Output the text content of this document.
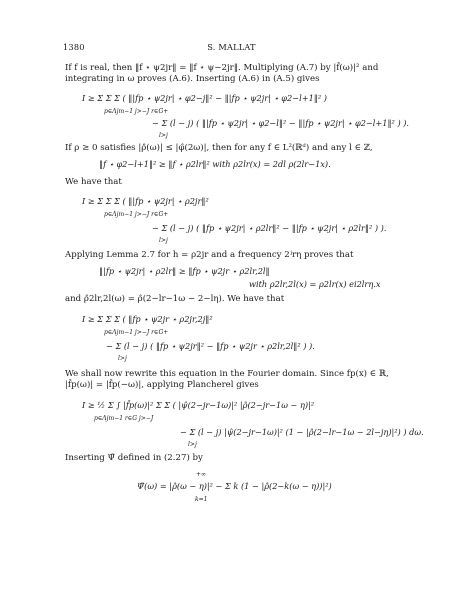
1380	S. MALLAT
If f is real, then ‖f ⋆ ψ2jr‖ = ‖f ⋆ ψ−2jr‖. Multiplying (A.7) by |f̂(ω)|² and
integrating in ω proves (A.6). Inserting (A.6) in (A.5) gives
I ≥ Σ Σ Σ ( ‖|fp ⋆ ψ2jr| ⋆ φ2−j‖² − ‖|fp ⋆ ψ2jr| ⋆ φ2−l+1‖² )
p∈Λjm−1 j>−J r∈G+
− Σ (l − j) ( ‖|fp ⋆ ψ2jr| ⋆ φ2−l‖² − ‖|fp ⋆ ψ2jr| ⋆ φ2−l+1‖² ) ).
l>j
If ρ ≥ 0 satisfies |ρ̂(ω)| ≤ |φ̂(2ω)|, then for any f ∈ L²(ℝᵈ) and any l ∈ ℤ,
‖f ⋆ φ2−l+1‖² ≥ ‖f ⋆ ρ2lr‖² with ρ2lr(x) = 2dl ρ(2lr−1x).
We have that
I ≥ Σ Σ Σ ( ‖|fp ⋆ ψ2jr| ⋆ ρ2jr‖²
p∈Λjm−1 j>−J r∈G+
− Σ (l − j) ( ‖fp ⋆ ψ2jr| ⋆ ρ2lr‖² − ‖|fp ⋆ ψ2jr| ⋆ ρ2lr‖² ) ).
l>j
Applying Lemma 2.7 for h = ρ2jr and a frequency 2ʲrη proves that
‖|fp ⋆ ψ2jr| ⋆ ρ2lr‖ ≥ ‖fp ⋆ ψ2jr ⋆ ρ2lr,2l‖
with ρ2lr,2l(x) = ρ2lr(x) ei2lrη.x
and ρ̂2lr,2l(ω) = ρ̂(2−lr−1ω − 2−lη). We have that
I ≥ Σ Σ Σ ( ‖fp ⋆ ψ2jr ⋆ ρ2jr,2j‖²
p∈Λjm−1 j>−J r∈G+
− Σ (l − j) ( ‖fp ⋆ ψ2jr‖² − ‖fp ⋆ ψ2jr ⋆ ρ2lr,2l‖² ) ).
l>j
We shall now rewrite this equation in the Fourier domain. Since fp(x) ∈ ℝ,
|f̂p(ω)| = |f̂p(−ω)|, applying Plancherel gives
I ≥ ½ Σ ∫ |f̂p(ω)|² Σ Σ ( |ψ̂(2−jr−1ω)|² |ρ̂(2−jr−1ω − η)|²
p∈Λjm−1 r∈G j>−J
− Σ (l − j) |ψ̂(2−jr−1ω)|² (1 − |ρ̂(2−lr−1ω − 2l−jη)|²) ) dω.
l>j
Inserting Ψ̃ defined in (2.27) by
+∞
Ψ̃(ω) = |ρ̂(ω − η)|² − Σ k (1 − |ρ̂(2−k(ω − η))|²)
k=1
